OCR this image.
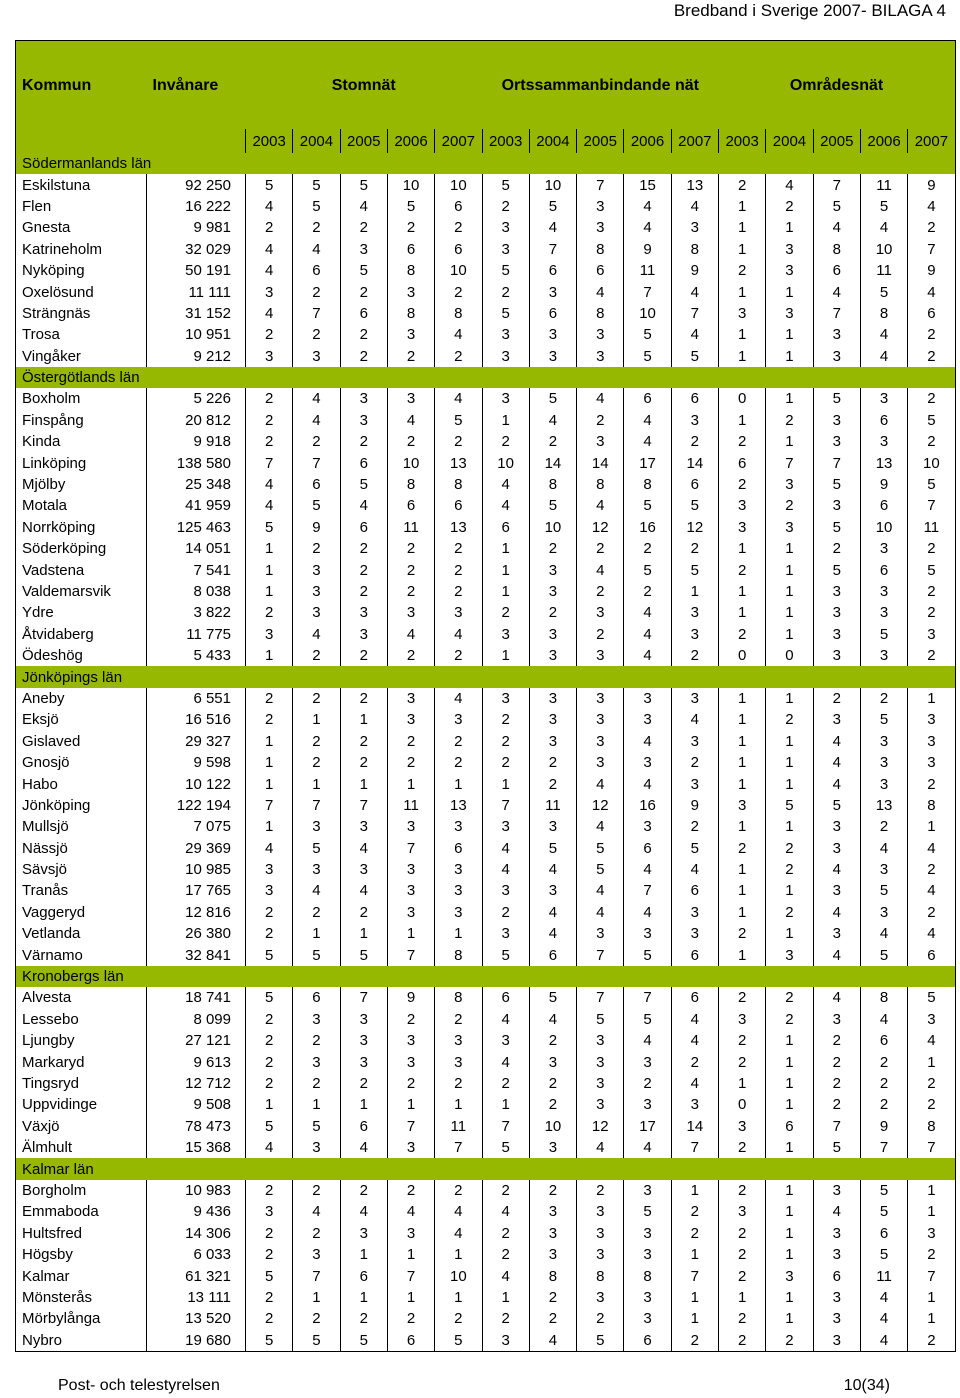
Bredband i Sverige 2007- BILAGA 4
Kommun	Invånare	Stomnät					Ortssammanbindande nät					Områdesnät				
		2003	2004	2005	2006	2007	2003	2004	2005	2006	2007	2003	2004	2005	2006	2007
Södermanlands län																
Eskilstuna	92 250	5	5	5	10	10	5	10	7	15	13	2	4	7	11	9
Flen	16 222	4	5	4	5	6	2	5	3	4	4	1	2	5	5	4
Gnesta	9 981	2	2	2	2	2	3	4	3	4	3	1	1	4	4	2
Katrineholm	32 029	4	4	3	6	6	3	7	8	9	8	1	3	8	10	7
Nyköping	50 191	4	6	5	8	10	5	6	6	11	9	2	3	6	11	9
Oxelösund	11 111	3	2	2	3	2	2	3	4	7	4	1	1	4	5	4
Strängnäs	31 152	4	7	6	8	8	5	6	8	10	7	3	3	7	8	6
Trosa	10 951	2	2	2	3	4	3	3	3	5	4	1	1	3	4	2
Vingåker	9 212	3	3	2	2	2	3	3	3	5	5	1	1	3	4	2
Östergötlands län																
Boxholm	5 226	2	4	3	3	4	3	5	4	6	6	0	1	5	3	2
Finspång	20 812	2	4	3	4	5	1	4	2	4	3	1	2	3	6	5
Kinda	9 918	2	2	2	2	2	2	2	3	4	2	2	1	3	3	2
Linköping	138 580	7	7	6	10	13	10	14	14	17	14	6	7	7	13	10
Mjölby	25 348	4	6	5	8	8	4	8	8	8	6	2	3	5	9	5
Motala	41 959	4	5	4	6	6	4	5	4	5	5	3	2	3	6	7
Norrköping	125 463	5	9	6	11	13	6	10	12	16	12	3	3	5	10	11
Söderköping	14 051	1	2	2	2	2	1	2	2	2	2	1	1	2	3	2
Vadstena	7 541	1	3	2	2	2	1	3	4	5	5	2	1	5	6	5
Valdemarsvik	8 038	1	3	2	2	2	1	3	2	2	1	1	1	3	3	2
Ydre	3 822	2	3	3	3	3	2	2	3	4	3	1	1	3	3	2
Åtvidaberg	11 775	3	4	3	4	4	3	3	2	4	3	2	1	3	5	3
Ödeshög	5 433	1	2	2	2	2	1	3	3	4	2	0	0	3	3	2
Jönköpings län																
Aneby	6 551	2	2	2	3	4	3	3	3	3	3	1	1	2	2	1
Eksjö	16 516	2	1	1	3	3	2	3	3	3	4	1	2	3	5	3
Gislaved	29 327	1	2	2	2	2	2	3	3	4	3	1	1	4	3	3
Gnosjö	9 598	1	2	2	2	2	2	2	3	3	2	1	1	4	3	3
Habo	10 122	1	1	1	1	1	1	2	4	4	3	1	1	4	3	2
Jönköping	122 194	7	7	7	11	13	7	11	12	16	9	3	5	5	13	8
Mullsjö	7 075	1	3	3	3	3	3	3	4	3	2	1	1	3	2	1
Nässjö	29 369	4	5	4	7	6	4	5	5	6	5	2	2	3	4	4
Sävsjö	10 985	3	3	3	3	3	4	4	5	4	4	1	2	4	3	2
Tranås	17 765	3	4	4	3	3	3	3	4	7	6	1	1	3	5	4
Vaggeryd	12 816	2	2	2	3	3	2	4	4	4	3	1	2	4	3	2
Vetlanda	26 380	2	1	1	1	1	3	4	3	3	3	2	1	3	4	4
Värnamo	32 841	5	5	5	7	8	5	6	7	5	6	1	3	4	5	6
Kronobergs län																
Alvesta	18 741	5	6	7	9	8	6	5	7	7	6	2	2	4	8	5
Lessebo	8 099	2	3	3	2	2	4	4	5	5	4	3	2	3	4	3
Ljungby	27 121	2	2	3	3	3	3	2	3	4	4	2	1	2	6	4
Markaryd	9 613	2	3	3	3	3	4	3	3	3	2	2	1	2	2	1
Tingsryd	12 712	2	2	2	2	2	2	2	3	2	4	1	1	2	2	2
Uppvidinge	9 508	1	1	1	1	1	1	2	3	3	3	0	1	2	2	2
Växjö	78 473	5	5	6	7	11	7	10	12	17	14	3	6	7	9	8
Älmhult	15 368	4	3	4	3	7	5	3	4	4	7	2	1	5	7	7
Kalmar län																
Borgholm	10 983	2	2	2	2	2	2	2	2	3	1	2	1	3	5	1
Emmaboda	9 436	3	4	4	4	4	4	3	3	5	2	3	1	4	5	1
Hultsfred	14 306	2	2	3	3	4	2	3	3	3	2	2	1	3	6	3
Högsby	6 033	2	3	1	1	1	2	3	3	3	1	2	1	3	5	2
Kalmar	61 321	5	7	6	7	10	4	8	8	8	7	2	3	6	11	7
Mönsterås	13 111	2	1	1	1	1	1	2	3	3	1	1	1	3	4	1
Mörbylånga	13 520	2	2	2	2	2	2	2	2	3	1	2	1	3	4	1
Nybro	19 680	5	5	5	6	5	3	4	5	6	2	2	2	3	4	2
Post- och telestyrelsen	10(34)
